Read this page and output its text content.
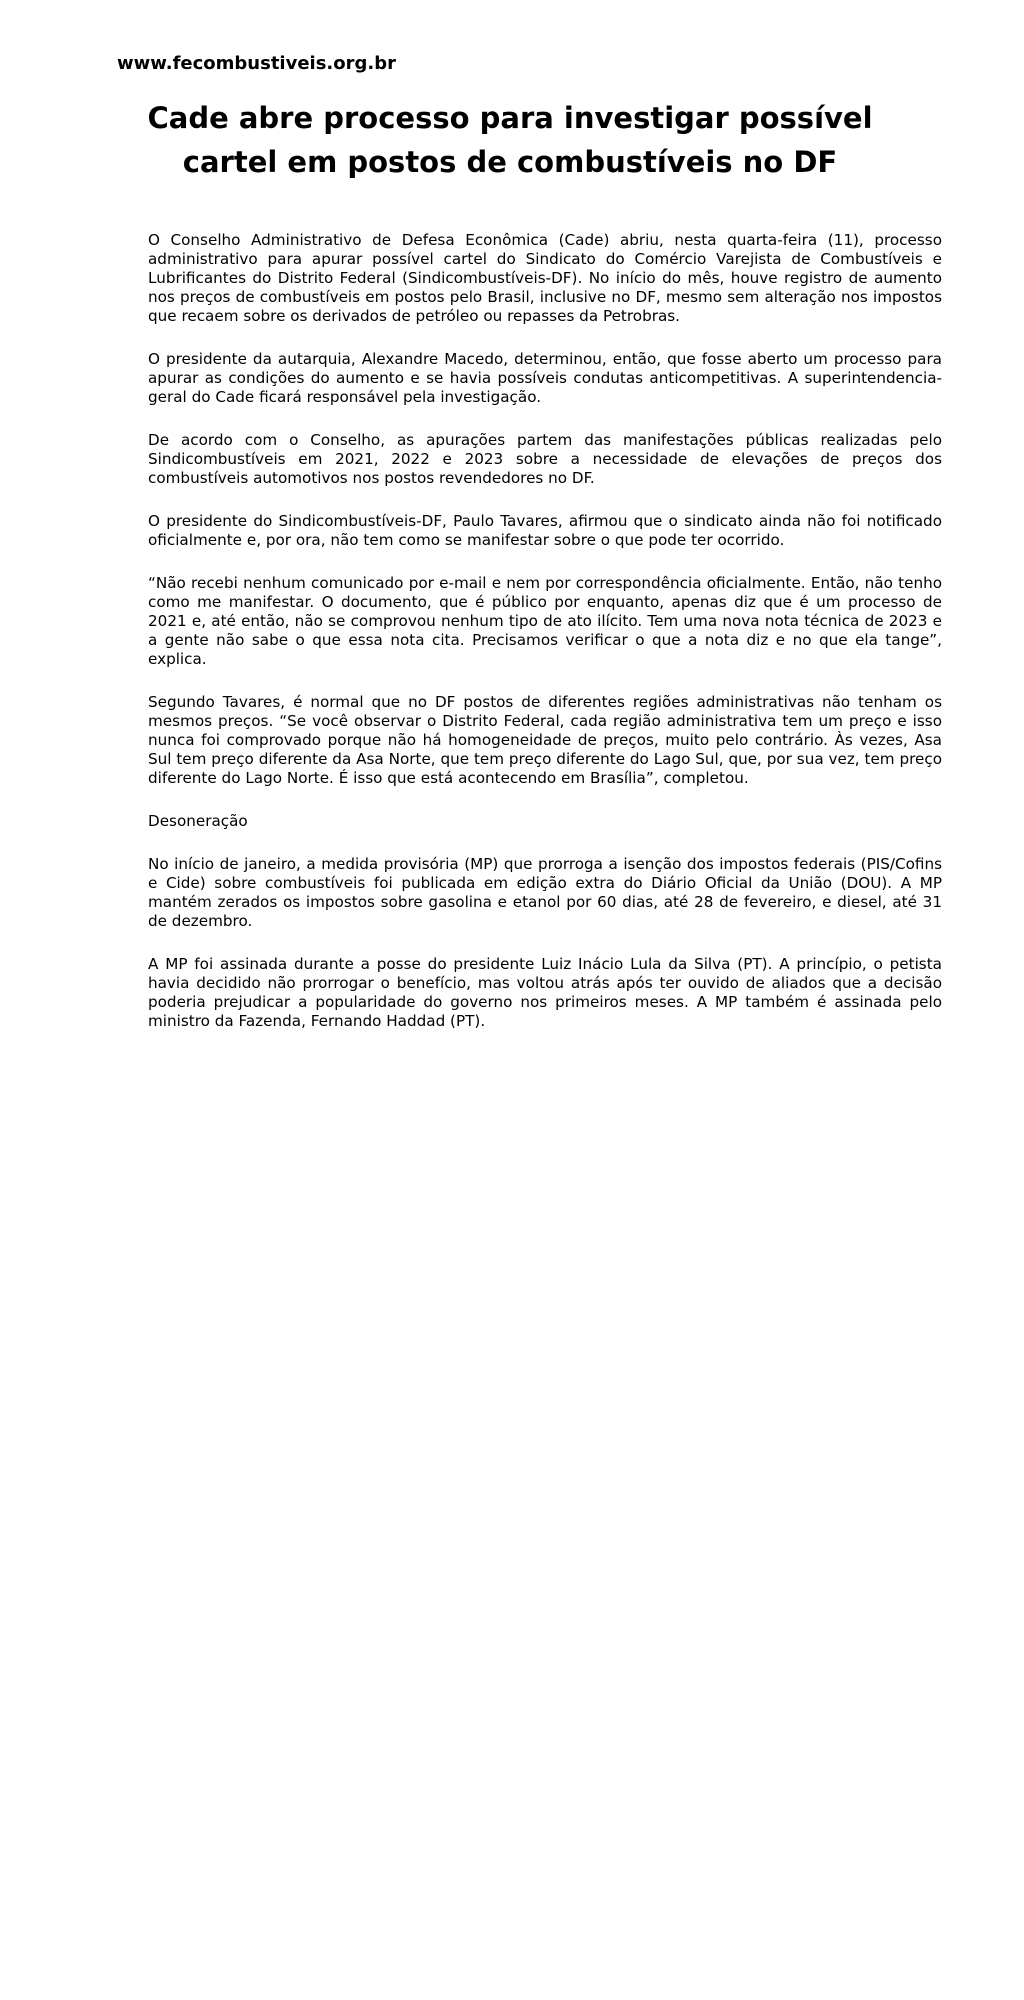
www.fecombustiveis.org.br
Cade abre processo para investigar possível cartel em postos de combustíveis no DF

O Conselho Administrativo de Defesa Econômica (Cade) abriu, nesta quarta-feira (11), processo administrativo para apurar possível cartel do Sindicato do Comércio Varejista de Combustíveis e Lubrificantes do Distrito Federal (Sindicombustíveis-DF). No início do mês, houve registro de aumento nos preços de combustíveis em postos pelo Brasil, inclusive no DF, mesmo sem alteração nos impostos que recaem sobre os derivados de petróleo ou repasses da Petrobras.

O presidente da autarquia, Alexandre Macedo, determinou, então, que fosse aberto um processo para apurar as condições do aumento e se havia possíveis condutas anticompetitivas. A superintendencia-geral do Cade ficará responsável pela investigação.

De acordo com o Conselho, as apurações partem das manifestações públicas realizadas pelo Sindicombustíveis em 2021, 2022 e 2023 sobre a necessidade de elevações de preços dos combustíveis automotivos nos postos revendedores no DF.

O presidente do Sindicombustíveis-DF, Paulo Tavares, afirmou que o sindicato ainda não foi notificado oficialmente e, por ora, não tem como se manifestar sobre o que pode ter ocorrido.

“Não recebi nenhum comunicado por e-mail e nem por correspondência oficialmente. Então, não tenho como me manifestar. O documento, que é público por enquanto, apenas diz que é um processo de 2021 e, até então, não se comprovou nenhum tipo de ato ilícito. Tem uma nova nota técnica de 2023 e a gente não sabe o que essa nota cita. Precisamos verificar o que a nota diz e no que ela tange”, explica.

Segundo Tavares, é normal que no DF postos de diferentes regiões administrativas não tenham os mesmos preços. “Se você observar o Distrito Federal, cada região administrativa tem um preço e isso nunca foi comprovado porque não há homogeneidade de preços, muito pelo contrário. Às vezes, Asa Sul tem preço diferente da Asa Norte, que tem preço diferente do Lago Sul, que, por sua vez, tem preço diferente do Lago Norte. É isso que está acontecendo em Brasília”, completou.

Desoneração

No início de janeiro, a medida provisória (MP) que prorroga a isenção dos impostos federais (PIS/Cofins e Cide) sobre combustíveis foi publicada em edição extra do Diário Oficial da União (DOU). A MP mantém zerados os impostos sobre gasolina e etanol por 60 dias, até 28 de fevereiro, e diesel, até 31 de dezembro.

A MP foi assinada durante a posse do presidente Luiz Inácio Lula da Silva (PT). A princípio, o petista havia decidido não prorrogar o benefício, mas voltou atrás após ter ouvido de aliados que a decisão poderia prejudicar a popularidade do governo nos primeiros meses. A MP também é assinada pelo ministro da Fazenda, Fernando Haddad (PT).
